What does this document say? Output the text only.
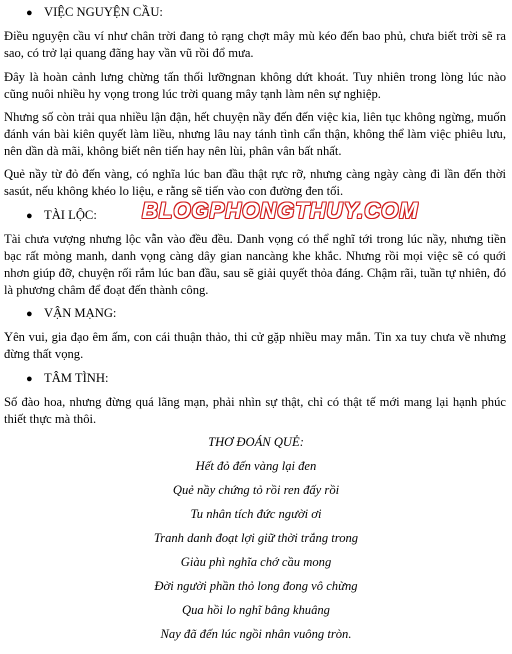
● VIỆC NGUYỆN CẦU:
Điều nguyện cầu ví như chân trời đang tỏ rạng chợt mây mù kéo đến bao phủ, chưa biết trời sẽ ra sao, có trở lại quang đãng hay vần vũ rồi đổ mưa.
Đây là hoàn cảnh lưng chừng tấn thối lưỡngnan không dứt khoát. Tuy nhiên trong lòng lúc nào cũng nuôi nhiều hy vọng trong lúc trời quang mây tạnh làm nên sự nghiệp.
Nhưng số còn trải qua nhiều lận đận, hết chuyện nầy đến đến việc kia, liên tục không ngừng, muốn đánh ván bài kiên quyết làm liều, nhưng lâu nay tánh tình cẩn thận, không thể làm việc phiêu lưu, nên dần dà mãi, không biết nên tiến hay nên lùi, phân vân bất nhất.
Quẻ nầy từ đỏ đến vàng, có nghĩa lúc ban đầu thật rực rỡ, nhưng càng ngày càng đi lần đến thời sasút, nếu không khéo lo liệu, e rằng sẽ tiến vào con đường đen tối.
● TÀI LỘC: BLOGPHONGTHUY.COM
Tài chưa vượng nhưng lộc vẫn vào đều đều. Danh vọng có thể nghĩ tới trong lúc nầy, nhưng tiền bạc rất mỏng manh, danh vọng càng dây gian nancàng khe khắc. Nhưng rồi mọi việc sẽ có quới nhơn giúp đỡ, chuyện rối rắm lúc ban đầu, sau sẽ giải quyết thỏa đáng. Chậm rãi, tuần tự nhiên, đó là phương châm để đoạt đến thành công.
● VẬN MẠNG:
Yên vui, gia đạo êm ấm, con cái thuận thảo, thi cử gặp nhiều may mắn. Tin xa tuy chưa về nhưng đừng thất vọng.
● TÂM TÌNH:
Số đào hoa, nhưng đừng quá lãng mạn, phải nhìn sự thật, chỉ có thật tế mới mang lại hạnh phúc thiết thực mà thôi.
THƠ ĐOÁN QUẺ:
Hết đỏ đến vàng lại đen
Quẻ nầy chứng tỏ rồi ren đấy rồi
Tu nhân tích đức người ơi
Tranh danh đoạt lợi giữ thời trắng trong
Giàu phì nghĩa chớ cầu mong
Đời người phần thỏ long đong vô chừng
Qua hồi lo nghĩ bâng khuâng
Nay đã đến lúc ngồi nhân vuông tròn.
